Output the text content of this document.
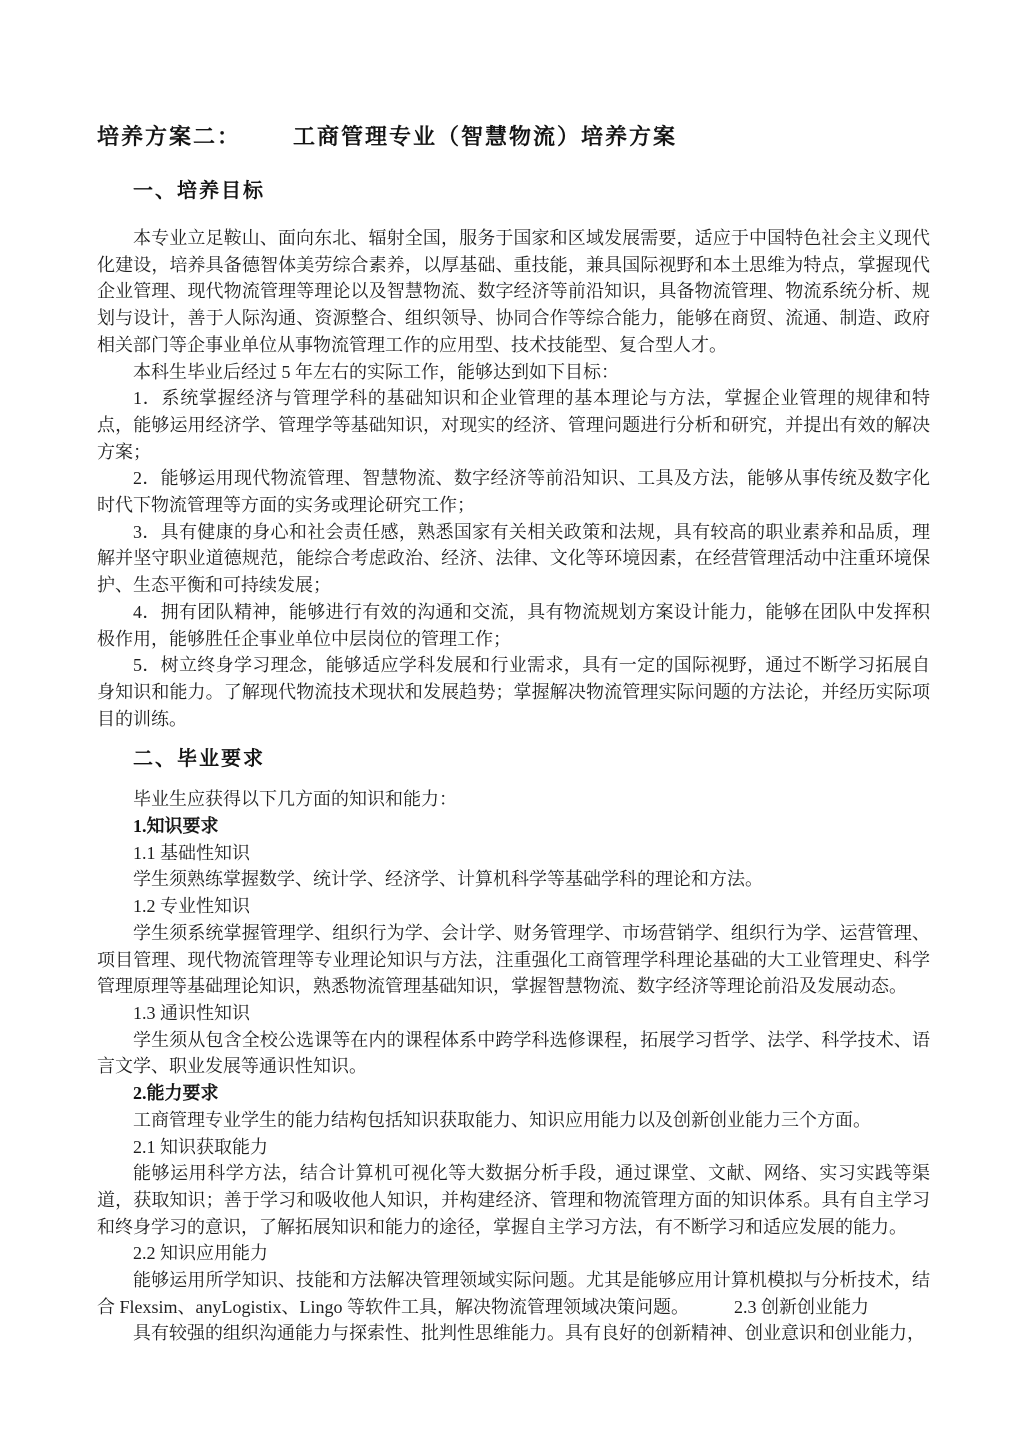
培养方案二： 工商管理专业（智慧物流）培养方案
一、培养目标

本专业立足鞍山、面向东北、辐射全国，服务于国家和区域发展需要，适应于中国特色社会主义现代化建设，培养具备德智体美劳综合素养，以厚基础、重技能，兼具国际视野和本土思维为特点，掌握现代企业管理、现代物流管理等理论以及智慧物流、数字经济等前沿知识，具备物流管理、物流系统分析、规划与设计，善于人际沟通、资源整合、组织领导、协同合作等综合能力，能够在商贸、流通、制造、政府相关部门等企事业单位从事物流管理工作的应用型、技术技能型、复合型人才。

本科生毕业后经过 5 年左右的实际工作，能够达到如下目标：

1．系统掌握经济与管理学科的基础知识和企业管理的基本理论与方法，掌握企业管理的规律和特点，能够运用经济学、管理学等基础知识，对现实的经济、管理问题进行分析和研究，并提出有效的解决方案；

2．能够运用现代物流管理、智慧物流、数字经济等前沿知识、工具及方法，能够从事传统及数字化时代下物流管理等方面的实务或理论研究工作；

3．具有健康的身心和社会责任感，熟悉国家有关相关政策和法规，具有较高的职业素养和品质，理解并坚守职业道德规范，能综合考虑政治、经济、法律、文化等环境因素，在经营管理活动中注重环境保护、生态平衡和可持续发展；

4．拥有团队精神，能够进行有效的沟通和交流，具有物流规划方案设计能力，能够在团队中发挥积极作用，能够胜任企事业单位中层岗位的管理工作；

5．树立终身学习理念，能够适应学科发展和行业需求，具有一定的国际视野，通过不断学习拓展自身知识和能力。了解现代物流技术现状和发展趋势；掌握解决物流管理实际问题的方法论，并经历实际项目的训练。

二、毕业要求

毕业生应获得以下几方面的知识和能力：

1.知识要求

1.1 基础性知识

学生须熟练掌握数学、统计学、经济学、计算机科学等基础学科的理论和方法。

1.2 专业性知识

学生须系统掌握管理学、组织行为学、会计学、财务管理学、市场营销学、组织行为学、运营管理、项目管理、现代物流管理等专业理论知识与方法，注重强化工商管理学科理论基础的大工业管理史、科学管理原理等基础理论知识，熟悉物流管理基础知识，掌握智慧物流、数字经济等理论前沿及发展动态。

1.3 通识性知识

学生须从包含全校公选课等在内的课程体系中跨学科选修课程，拓展学习哲学、法学、科学技术、语言文学、职业发展等通识性知识。

2.能力要求

工商管理专业学生的能力结构包括知识获取能力、知识应用能力以及创新创业能力三个方面。

2.1 知识获取能力

能够运用科学方法，结合计算机可视化等大数据分析手段，通过课堂、文献、网络、实习实践等渠道，获取知识；善于学习和吸收他人知识，并构建经济、管理和物流管理方面的知识体系。具有自主学习和终身学习的意识，了解拓展知识和能力的途径，掌握自主学习方法，有不断学习和适应发展的能力。

2.2 知识应用能力

能够运用所学知识、技能和方法解决管理领域实际问题。尤其是能够应用计算机模拟与分析技术，结合 Flexsim、anyLogistix、Lingo 等软件工具，解决物流管理领域决策问题。　　　2.3 创新创业能力

具有较强的组织沟通能力与探索性、批判性思维能力。具有良好的创新精神、创业意识和创业能力，
